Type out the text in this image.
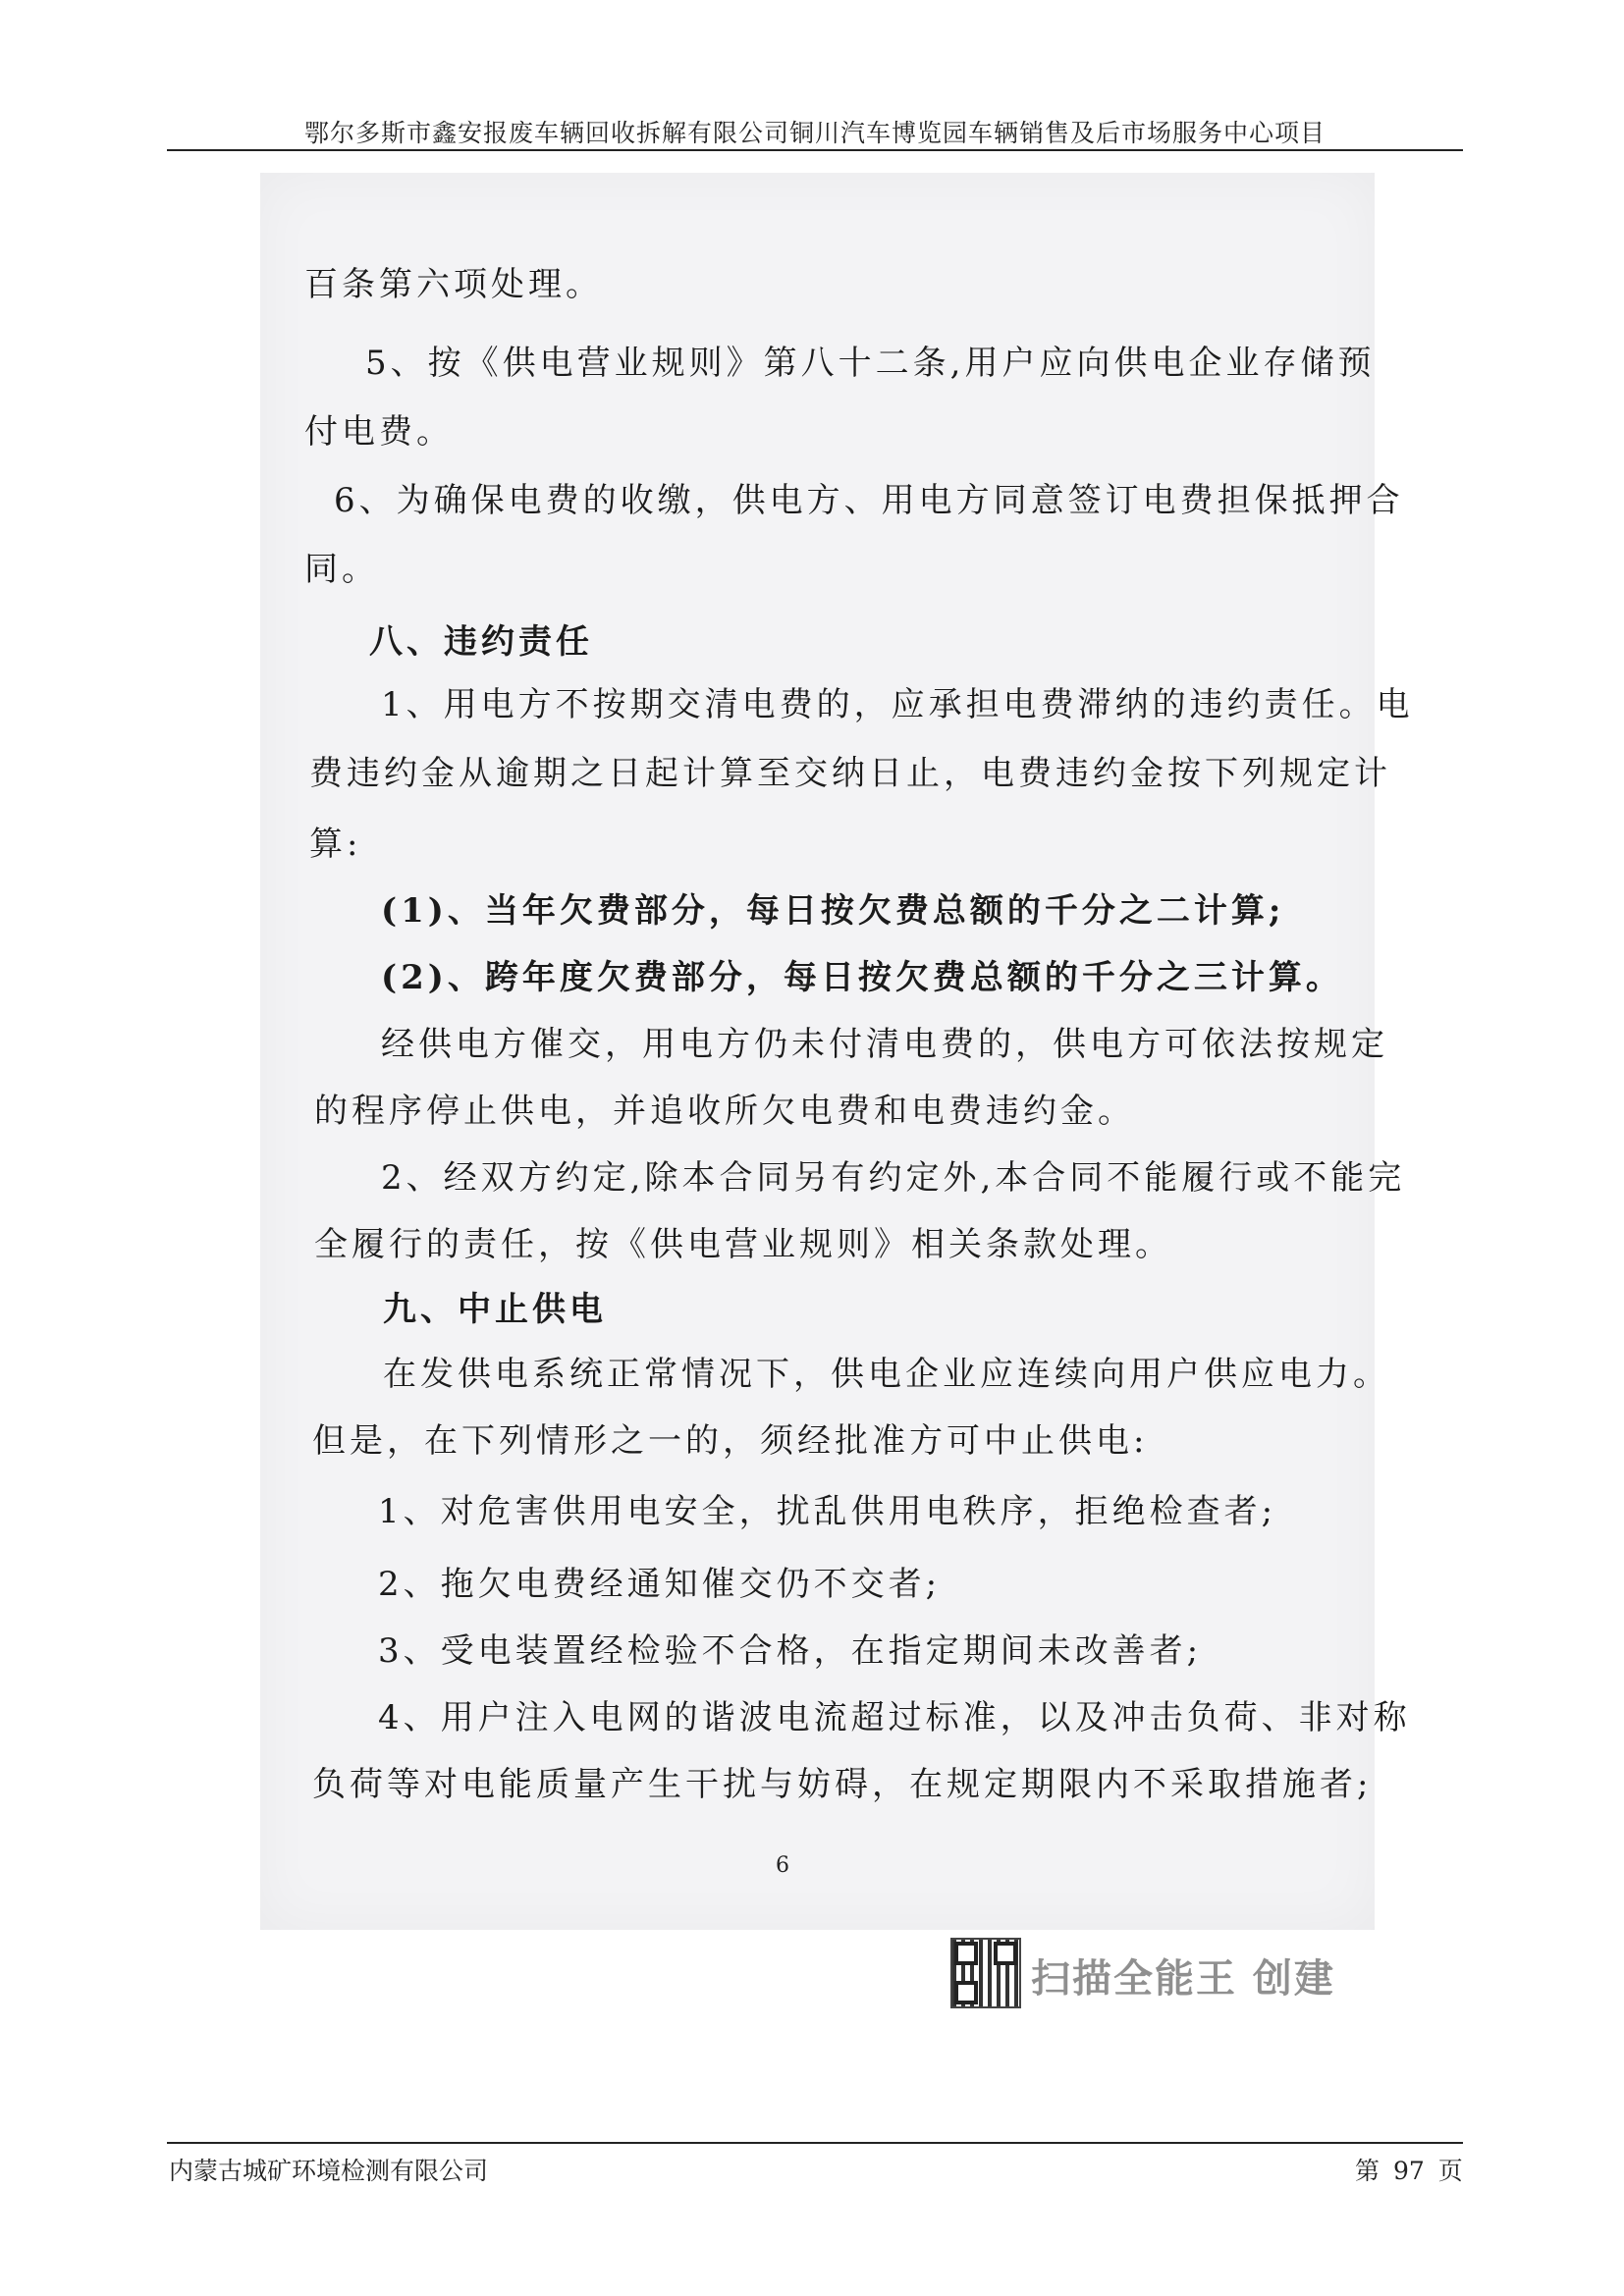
鄂尔多斯市鑫安报废车辆回收拆解有限公司铜川汽车博览园车辆销售及后市场服务中心项目
百条第六项处理。
5、按《供电营业规则》第八十二条,用户应向供电企业存储预
付电费。
6、为确保电费的收缴，供电方、用电方同意签订电费担保抵押合
同。
八、违约责任
1、用电方不按期交清电费的，应承担电费滞纳的违约责任。电
费违约金从逾期之日起计算至交纳日止，电费违约金按下列规定计
算:
(1)、当年欠费部分，每日按欠费总额的千分之二计算;
(2)、跨年度欠费部分，每日按欠费总额的千分之三计算。
经供电方催交，用电方仍未付清电费的，供电方可依法按规定
的程序停止供电，并追收所欠电费和电费违约金。
2、经双方约定,除本合同另有约定外,本合同不能履行或不能完
全履行的责任，按《供电营业规则》相关条款处理。
九、中止供电
在发供电系统正常情况下，供电企业应连续向用户供应电力。
但是，在下列情形之一的，须经批准方可中止供电:
1、对危害供用电安全，扰乱供用电秩序，拒绝检查者;
2、拖欠电费经通知催交仍不交者;
3、受电装置经检验不合格，在指定期间未改善者;
4、用户注入电网的谐波电流超过标准，以及冲击负荷、非对称
负荷等对电能质量产生干扰与妨碍，在规定期限内不采取措施者;
6
扫描全能王 创建
内蒙古城矿环境检测有限公司	第 97 页
